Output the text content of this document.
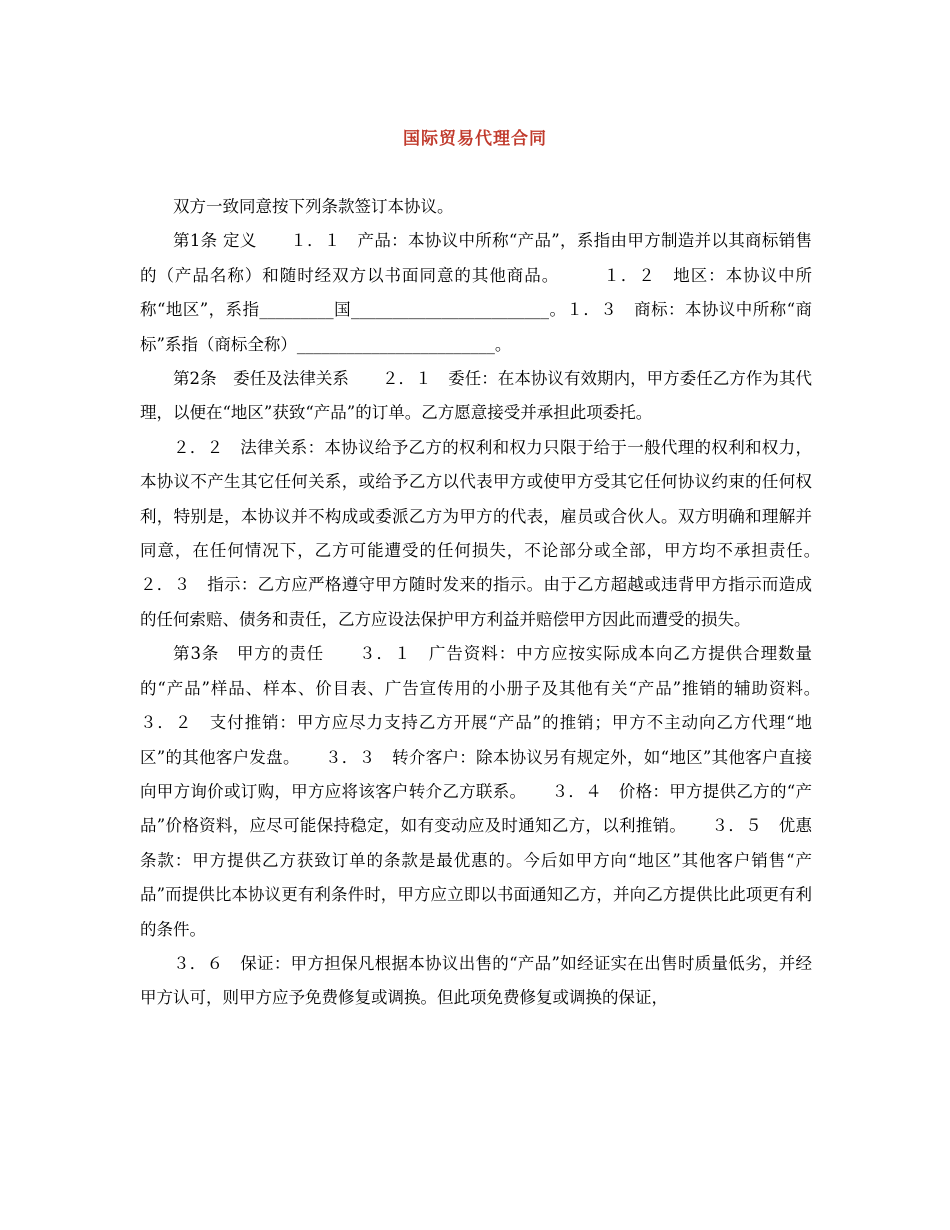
国际贸易代理合同

双方一致同意按下列条款签订本协议。

第1条 定义　　１．１　产品：本协议中所称“产品”，系指由甲方制造并以其商标销售的（产品名称）和随时经双方以书面同意的其他商品。　　　１．２　地区：本协议中所称“地区”，系指_________国________________________。１．３　商标：本协议中所称“商标”系指（商标全称）________________________。

第2条　委任及法律关系　　２．１　委任：在本协议有效期内，甲方委任乙方作为其代理，以便在“地区”获致“产品”的订单。乙方愿意接受并承担此项委托。

２．２　法律关系：本协议给予乙方的权利和权力只限于给于一般代理的权利和权力，本协议不产生其它任何关系，或给予乙方以代表甲方或使甲方受其它任何协议约束的任何权利，特别是，本协议并不构成或委派乙方为甲方的代表，雇员或合伙人。双方明确和理解并同意，在任何情况下，乙方可能遭受的任何损失，不论部分或全部，甲方均不承担责任。　　２．３　指示：乙方应严格遵守甲方随时发来的指示。由于乙方超越或违背甲方指示而造成的任何索赔、债务和责任，乙方应设法保护甲方利益并赔偿甲方因此而遭受的损失。

第3条　甲方的责任　　３．１　广告资料：中方应按实际成本向乙方提供合理数量的“产品”样品、样本、价目表、广告宣传用的小册子及其他有关“产品”推销的辅助资料。　　３．２　支付推销：甲方应尽力支持乙方开展“产品”的推销；甲方不主动向乙方代理“地区”的其他客户发盘。　　３．３　转介客户：除本协议另有规定外，如“地区”其他客户直接向甲方询价或订购，甲方应将该客户转介乙方联系。　　３．４　价格：甲方提供乙方的“产品”价格资料，应尽可能保持稳定，如有变动应及时通知乙方，以利推销。　　３．５　优惠条款：甲方提供乙方获致订单的条款是最优惠的。今后如甲方向“地区”其他客户销售“产品”而提供比本协议更有利条件时，甲方应立即以书面通知乙方，并向乙方提供比此项更有利的条件。

３．６　保证：甲方担保凡根据本协议出售的“产品”如经证实在出售时质量低劣，并经甲方认可，则甲方应予免费修复或调换。但此项免费修复或调换的保证，
